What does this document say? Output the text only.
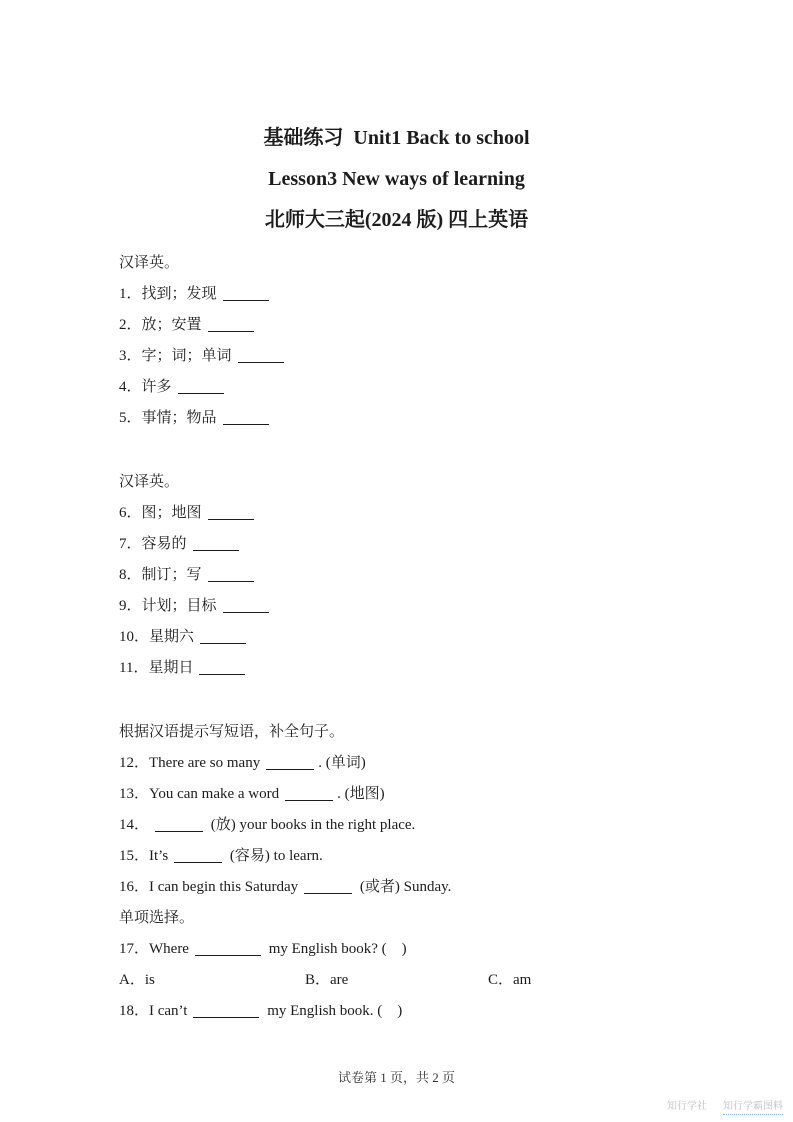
基础练习  Unit1 Back to school
Lesson3 New ways of learning
北师大三起(2024 版) 四上英语
汉译英。
1．找到；发现
2．放；安置
3．字；词；单词
4．许多
5．事情；物品
汉译英。
6．图；地图
7．容易的
8．制订；写
9．计划；目标
10．星期六
11．星期日
根据汉语提示写短语，补全句子。
12．There are so many	. (单词)
13．You can make a word	. (地图)
14．	(放) your books in the right place.
15．It’s	(容易) to learn.
16．I can begin this Saturday	(或者) Sunday.
单项选择。
17．Where	my English book? (    )
A．is	B．are	C．am
18．I can’t	my English book. (    )
试卷第 1 页，共 2 页
知行学社 知行学霸图料
